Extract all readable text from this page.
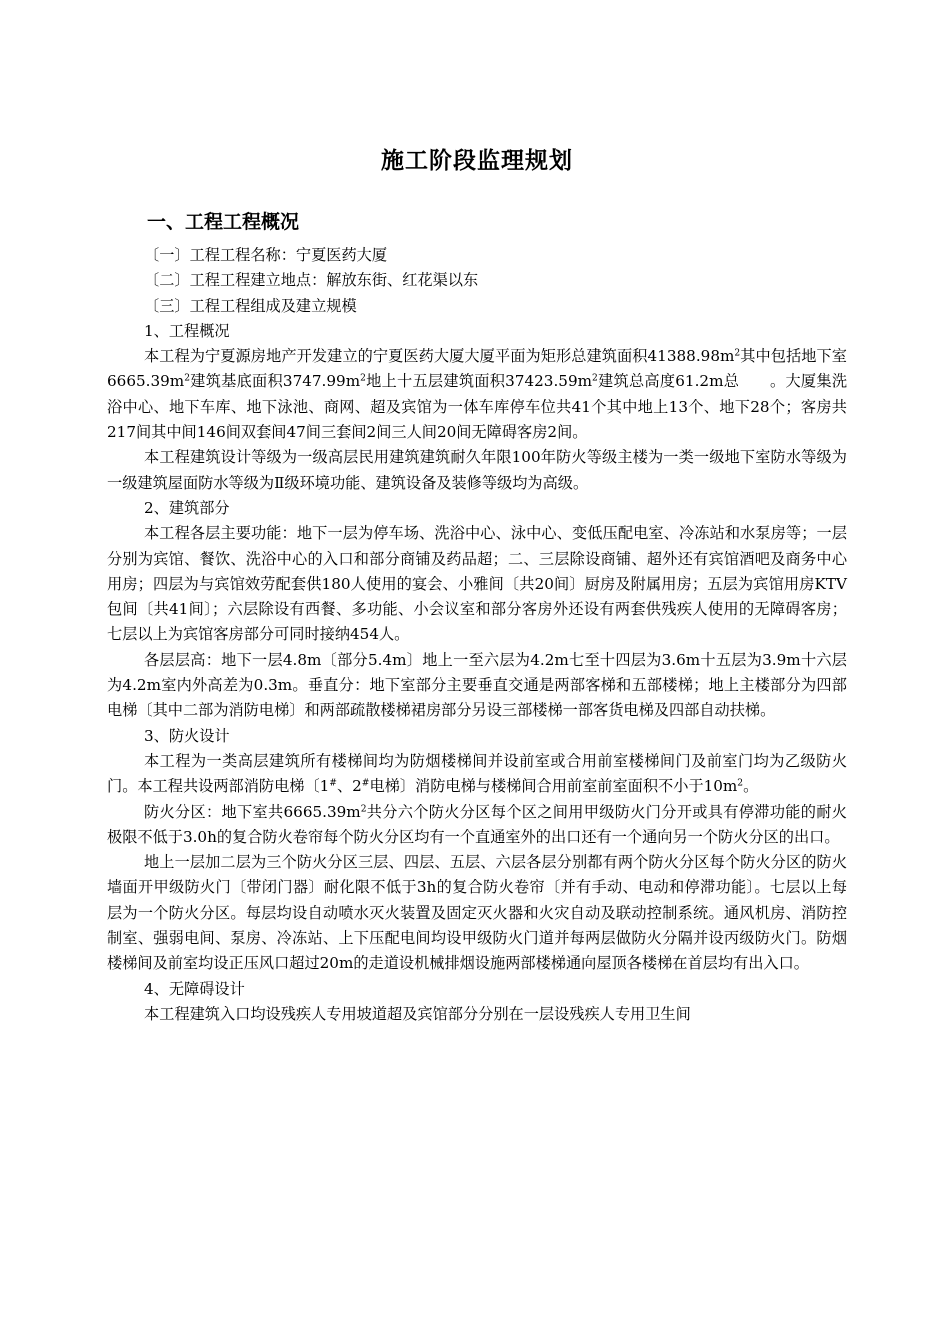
施工阶段监理规划
一、工程工程概况

〔一〕工程工程名称：宁夏医药大厦

〔二〕工程工程建立地点：解放东街、红花渠以东

〔三〕工程工程组成及建立规模

1、工程概况

本工程为宁夏源房地产开发建立的宁夏医药大厦大厦平面为矩形总建筑面积$41388.98m^2$其中包括地下室$6665.39m^2$建筑基底面积$3747.99m^2$地上十五层建筑面积$37423.59m^2$建筑总高度61.2m总　　。大厦集洗浴中心、地下车库、地下泳池、商网、超及宾馆为一体车库停车位共41个其中地上13个、地下28个；客房共217间其中间146间双套间47间三套间2间三人间20间无障碍客房2间。

本工程建筑设计等级为一级高层民用建筑建筑耐久年限100年防火等级主楼为一类一级地下室防水等级为一级建筑屋面防水等级为Ⅱ级环境功能、建筑设备及装修等级均为高级。

2、建筑部分

本工程各层主要功能：地下一层为停车场、洗浴中心、泳中心、变低压配电室、冷冻站和水泵房等；一层分别为宾馆、餐饮、洗浴中心的入口和部分商铺及药品超；二、三层除设商铺、超外还有宾馆酒吧及商务中心用房；四层为与宾馆效劳配套供180人使用的宴会、小雅间〔共20间〕厨房及附属用房；五层为宾馆用房KTV包间〔共41间〕；六层除设有西餐、多功能、小会议室和部分客房外还设有两套供残疾人使用的无障碍客房；七层以上为宾馆客房部分可同时接纳454人。

各层层高：地下一层4.8m〔部分5.4m〕地上一至六层为4.2m七至十四层为3.6m十五层为3.9m十六层为4.2m室内外高差为0.3m。垂直分：地下室部分主要垂直交通是两部客梯和五部楼梯；地上主楼部分为四部电梯〔其中二部为消防电梯〕和两部疏散楼梯裙房部分另设三部楼梯一部客货电梯及四部自动扶梯。

3、防火设计

本工程为一类高层建筑所有楼梯间均为防烟楼梯间并设前室或合用前室楼梯间门及前室门均为乙级防火门。本工程共设两部消防电梯〔1#、2#电梯〕消防电梯与楼梯间合用前室前室面积不小于$10m^2$。

防火分区：地下室共$6665.39m^2$共分六个防火分区每个区之间用甲级防火门分开或具有停滞功能的耐火极限不低于3.0h的复合防火卷帘每个防火分区均有一个直通室外的出口还有一个通向另一个防火分区的出口。

地上一层加二层为三个防火分区三层、四层、五层、六层各层分别都有两个防火分区每个防火分区的防火墙面开甲级防火门〔带闭门器〕耐化限不低于3h的复合防火卷帘〔并有手动、电动和停滞功能〕。七层以上每层为一个防火分区。每层均设自动喷水灭火装置及固定灭火器和火灾自动及联动控制系统。通风机房、消防控制室、强弱电间、泵房、冷冻站、上下压配电间均设甲级防火门道并每两层做防火分隔并设丙级防火门。防烟楼梯间及前室均设正压风口超过20m的走道设机械排烟设施两部楼梯通向屋顶各楼梯在首层均有出入口。

4、无障碍设计

本工程建筑入口均设残疾人专用坡道超及宾馆部分分别在一层设残疾人专用卫生间
